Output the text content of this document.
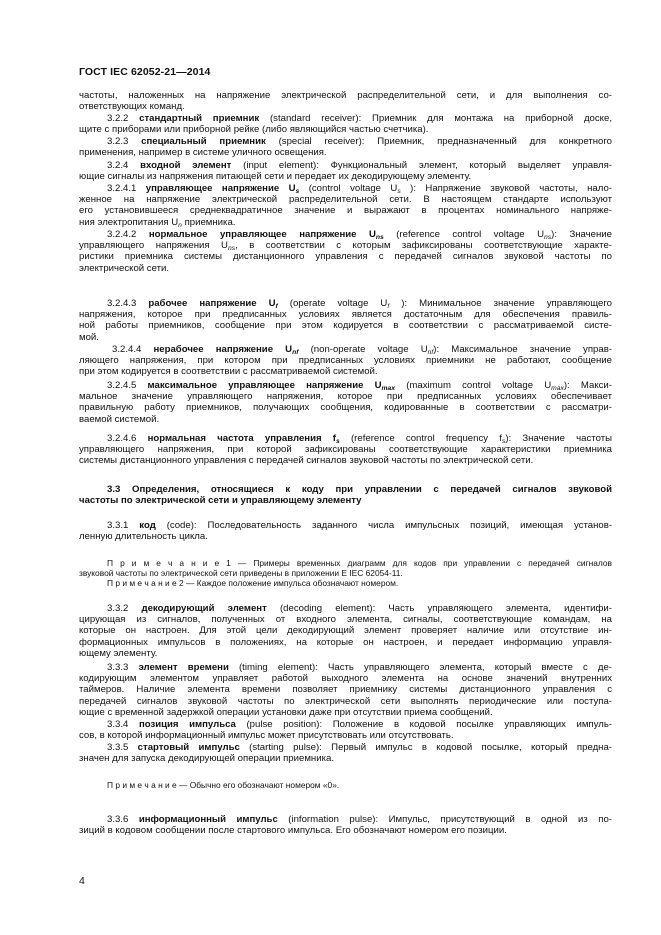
ГОСТ IEC 62052-21—2014
частоты, наложенных на напряжение электрической распределительной сети, и для выполнения со-
ответствующих команд.
3.2.2 стандартный приемник (standard receiver): Приемник для монтажа на приборной доске,
щите с приборами или приборной рейке (либо являющийся частью счетчика).
3.2.3 специальный приемник (special receiver): Приемник, предназначенный для конкретного
применения, например в системе уличного освещения.
3.2.4 входной элемент (input element): Функциональный элемент, который выделяет управля-
ющие сигналы из напряжения питающей сети и передает их декодирующему элементу.
3.2.4.1 управляющее напряжение $U_s$ (control voltage $U_s$ ): Напряжение звуковой частоты, нало-
женное на напряжение электрической распределительной сети. В настоящем стандарте используют
его установившееся среднеквадратичное значение и выражают в процентах номинального напряже-
ния электропитания $U_n$ приемника.
3.2.4.2 нормальное управляющее напряжение $U_{ns}$ (reference control voltage $U_{ns}$): Значение
управляющего напряжения $U_{ns}$, в соответствии с которым зафиксированы соответствующие характе-
ристики приемника системы дистанционного управления с передачей сигналов звуковой частоты по
электрической сети.
3.2.4.3 рабочее напряжение $U_f$ (operate voltage $U_f$ ): Минимальное значение управляющего
напряжения, которое при предписанных условиях является достаточным для обеспечения правиль-
ной работы приемников, сообщение при этом кодируется в соответствии с рассматриваемой систе-
мой.
3.2.4.4 нерабочее напряжение $U_{nf}$ (non-operate voltage $U_{nf}$): Максимальное значение управ-
ляющего напряжения, при котором при предписанных условиях приемники не работают, сообщение
при этом кодируется в соответствии с рассматриваемой системой.
3.2.4.5 максимальное управляющее напряжение $U_{max}$ (maximum control voltage $U_{max}$): Макси-
мальное значение управляющего напряжения, которое при предписанных условиях обеспечивает
правильную работу приемников, получающих сообщения, кодированные в соответствии с рассматри-
ваемой системой.
3.2.4.6 нормальная частота управления $f_s$ (reference control frequency $f_s$): Значение частоты
управляющего напряжения, при которой зафиксированы соответствующие характеристики приемника
системы дистанционного управления с передачей сигналов звуковой частоты по электрической сети.
3.3 Определения, относящиеся к коду при управлении с передачей сигналов звуковой
частоты по электрической сети и управляющему элементу
3.3.1 код (code): Последовательность заданного числа импульсных позиций, имеющая установ-
ленную длительность цикла.
П р и м е ч а н и е 1 — Примеры временных диаграмм для кодов при управлении с передачей сигналов
звуковой частоты по электрической сети приведены в приложении Е IEC 62054-11.
П р и м е ч а н и е 2 — Каждое положение импульса обозначают номером.
3.3.2 декодирующий элемент (decoding element): Часть управляющего элемента, идентифи-
цирующая из сигналов, полученных от входного элемента, сигналы, соответствующие командам, на
которые он настроен. Для этой цели декодирующий элемент проверяет наличие или отсутствие ин-
формационных импульсов в положениях, на которые он настроен, и передает информацию управля-
ющему элементу.
3.3.3 элемент времени (timing element): Часть управляющего элемента, который вместе с де-
кодирующим элементом управляет работой выходного элемента на основе значений внутренних
таймеров. Наличие элемента времени позволяет приемнику системы дистанционного управления с
передачей сигналов звуковой частоты по электрической сети выполнять периодические или поступа-
ющие с временной задержкой операции установки даже при отсутствии приема сообщений.
3.3.4 позиция импульса (pulse position): Положение в кодовой посылке управляющих импуль-
сов, в которой информационный импульс может присутствовать или отсутствовать.
3.3.5 стартовый импульс (starting pulse): Первый импульс в кодовой посылке, который предна-
значен для запуска декодирующей операции приемника.
П р и м е ч а н и е — Обычно его обозначают номером «0».
3.3.6 информационный импульс (information pulse): Импульс, присутствующий в одной из по-
зиций в кодовом сообщении после стартового импульса. Его обозначают номером его позиции.
4
